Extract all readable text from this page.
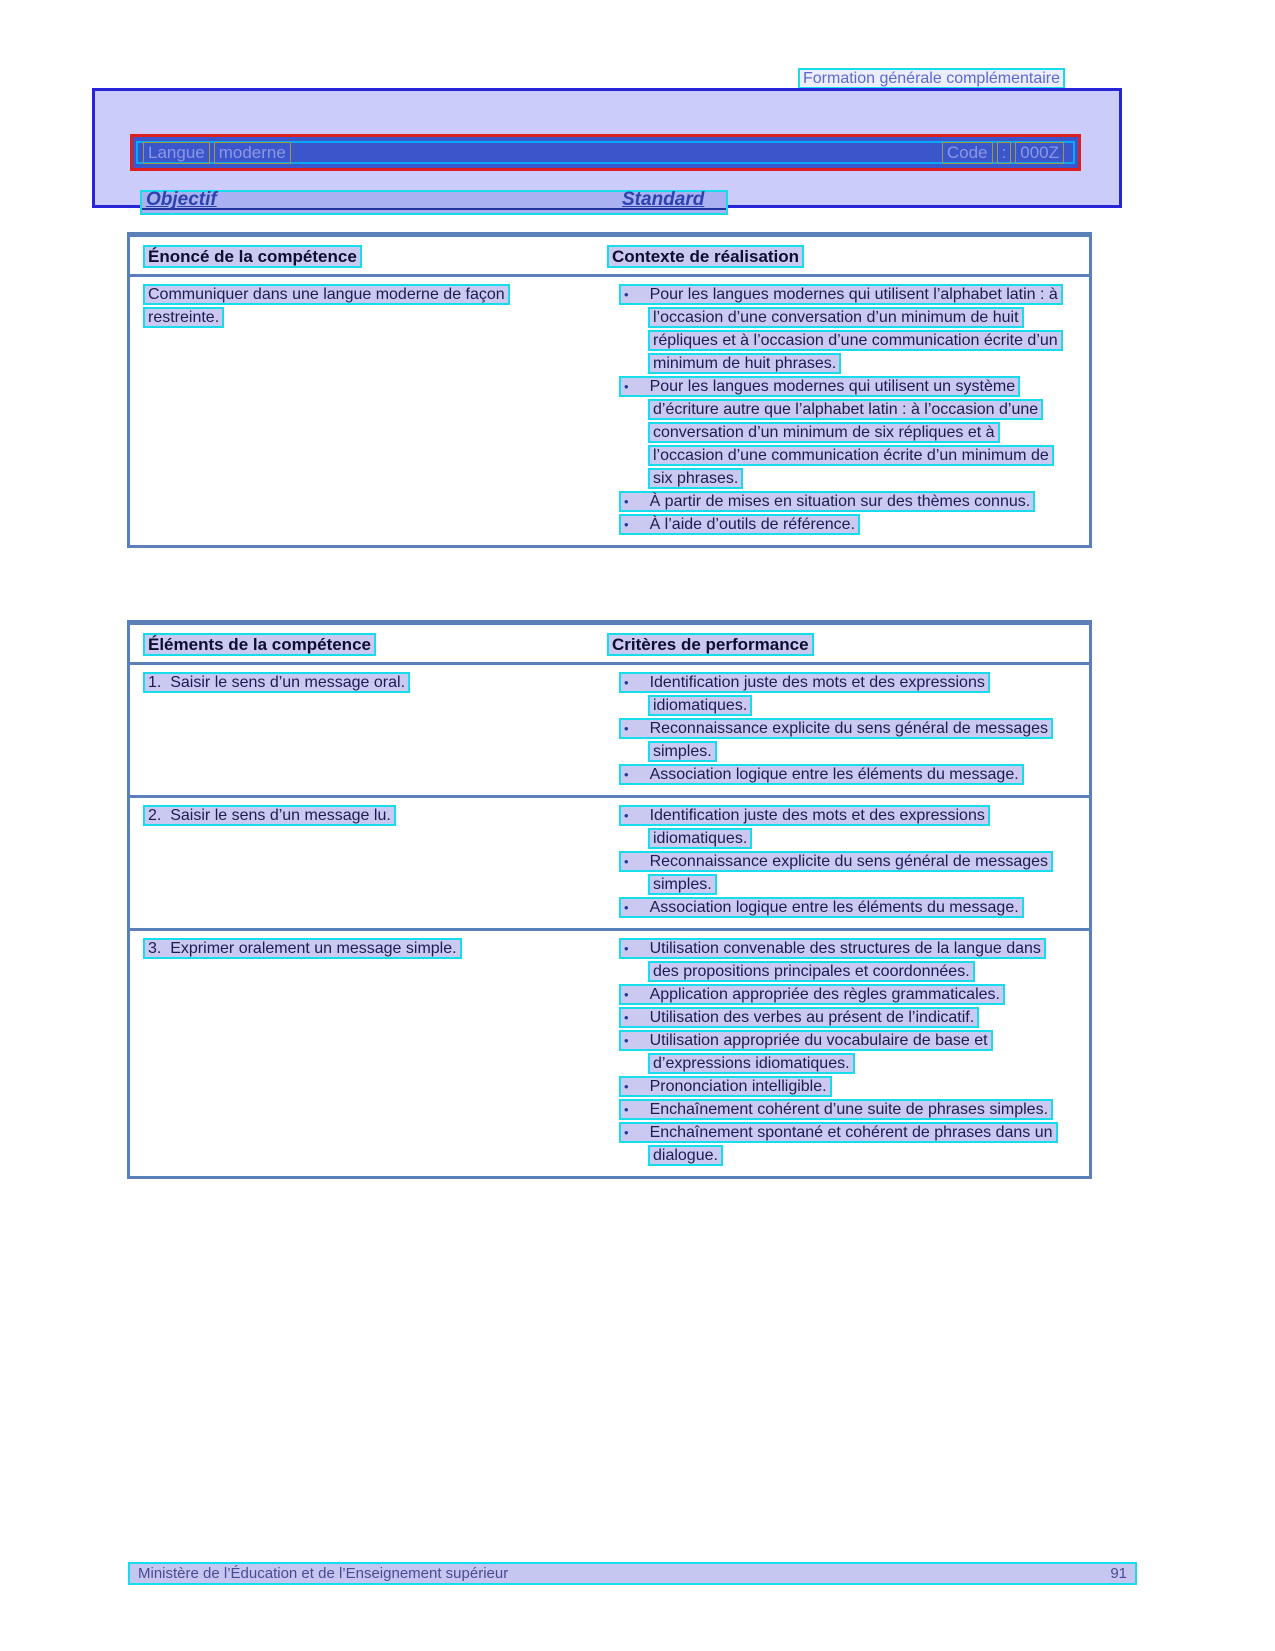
Formation générale complémentaire
Langue moderne	Code : 000Z
Objectif	Standard
Énoncé de la compétence	Contexte de réalisation
Communiquer dans une langue moderne de façon restreinte.
• Pour les langues modernes qui utilisent l’alphabet latin : à l’occasion d’une conversation d’un minimum de huit répliques et à l’occasion d’une communication écrite d’un minimum de huit phrases.
• Pour les langues modernes qui utilisent un système d’écriture autre que l’alphabet latin : à l’occasion d’une conversation d’un minimum de six répliques et à l’occasion d’une communication écrite d’un minimum de six phrases.
• À partir de mises en situation sur des thèmes connus.
• À l’aide d’outils de référence.
Éléments de la compétence	Critères de performance
1.  Saisir le sens d’un message oral.	• Identification juste des mots et des expressions idiomatiques.
• Reconnaissance explicite du sens général de messages simples.
• Association logique entre les éléments du message.
2.  Saisir le sens d’un message lu.	• Identification juste des mots et des expressions idiomatiques.
• Reconnaissance explicite du sens général de messages simples.
• Association logique entre les éléments du message.
3.  Exprimer oralement un message simple.	• Utilisation convenable des structures de la langue dans des propositions principales et coordonnées.
• Application appropriée des règles grammaticales.
• Utilisation des verbes au présent de l’indicatif.
• Utilisation appropriée du vocabulaire de base et d’expressions idiomatiques.
• Prononciation intelligible.
• Enchaînement cohérent d’une suite de phrases simples.
• Enchaînement spontané et cohérent de phrases dans un dialogue.
Ministère de l’Éducation et de l’Enseignement supérieur	91
